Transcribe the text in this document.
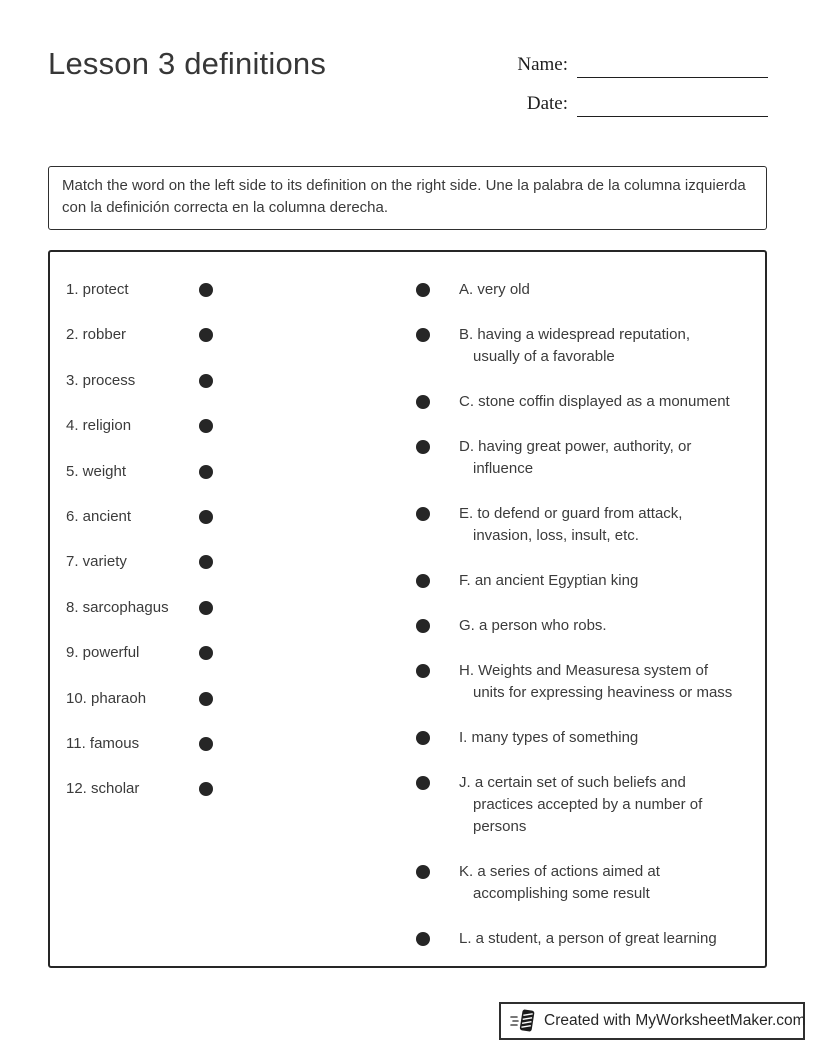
Lesson 3 definitions	Name:
Date:

Match the word on the left side to its definition on the right side. Une la palabra de la columna izquierda con la definición correcta en la columna derecha.

1. protect
2. robber
3. process
4. religion
5. weight
6. ancient
7. variety
8. sarcophagus
9. powerful
10. pharaoh
11. famous
12. scholar
A. very old
B. having a widespread reputation,
usually of a favorable
C. stone coffin displayed as a monument
D. having great power, authority, or
influence
E. to defend or guard from attack,
invasion, loss, insult, etc.
F. an ancient Egyptian king
G. a person who robs.
H. Weights and Measuresa system of
units for expressing heaviness or mass
I. many types of something
J. a certain set of such beliefs and
practices accepted by a number of
persons
K. a series of actions aimed at
accomplishing some result
L. a student, a person of great learning
Created with MyWorksheetMaker.com
